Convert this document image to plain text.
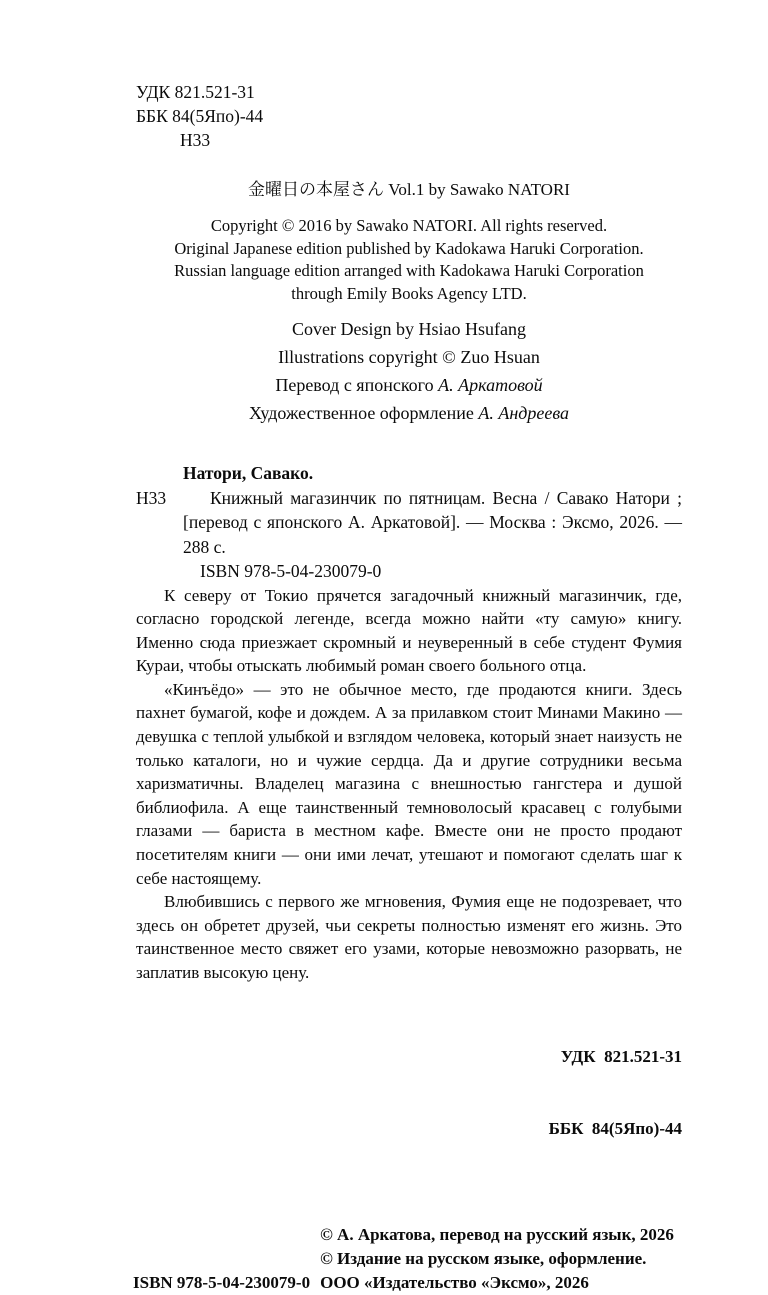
УДК 821.521-31
ББК 84(5Япо)-44
Н33
金曜日の本屋さん Vol.1 by Sawako NATORI
Copyright © 2016 by Sawako NATORI. All rights reserved.
Original Japanese edition published by Kadokawa Haruki Corporation.
Russian language edition arranged with Kadokawa Haruki Corporation
through Emily Books Agency LTD.
Cover Design by Hsiao Hsufang
Illustrations copyright © Zuo Hsuan
Перевод с японского А. Аркатовой
Художественное оформление А. Андреева
Натори, Савако.
Н33	Книжный магазинчик по пятницам. Весна / Савако Натори ; [перевод с японского А. Аркатовой]. — Москва : Эксмо, 2026. — 288 с.
ISBN 978-5-04-230079-0

К северу от Токио прячется загадочный книжный магазинчик, где, согласно городской легенде, всегда можно найти «ту самую» книгу. Именно сюда приезжает скромный и неуверенный в себе студент Фумия Кураи, чтобы отыскать любимый роман своего больного отца.

«Кинъёдо» — это не обычное место, где продаются книги. Здесь пахнет бумагой, кофе и дождем. А за прилавком стоит Минами Макино — девушка с теплой улыбкой и взглядом человека, который знает наизусть не только каталоги, но и чужие сердца. Да и другие сотрудники весьма харизматичны. Владелец магазина с внешностью гангстера и душой библиофила. А еще таинственный темноволосый красавец с голубыми глазами — бариста в местном кафе. Вместе они не просто продают посетителям книги — они ими лечат, утешают и помогают сделать шаг к себе настоящему.

Влюбившись с первого же мгновения, Фумия еще не подозревает, что здесь он обретет друзей, чьи секреты полностью изменят его жизнь. Это таинственное место свяжет его узами, которые невозможно разорвать, не заплатив высокую цену.

УДК  821.521-31

ББК  84(5Япо)-44

ISBN 978-5-04-230079-0
© А. Аркатова, перевод на русский язык, 2026
© Издание на русском языке, оформление.
ООО «Издательство «Эксмо», 2026
